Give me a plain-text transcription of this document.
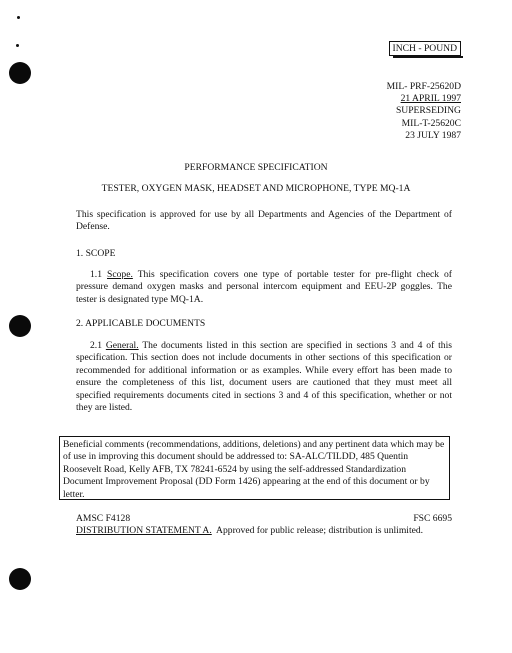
INCH - POUND
MIL- PRF-25620D
21 APRIL 1997
SUPERSEDING
MIL-T-25620C
23 JULY 1987
PERFORMANCE SPECIFICATION
TESTER, OXYGEN MASK, HEADSET AND MICROPHONE, TYPE MQ-1A
This specification is approved for use by all Departments and Agencies of the Department of Defense.
1. SCOPE
1.1 Scope. This specification covers one type of portable tester for pre-flight check of pressure demand oxygen masks and personal intercom equipment and EEU-2P goggles. The tester is designated type MQ-1A.
2. APPLICABLE DOCUMENTS
2.1 General. The documents listed in this section are specified in sections 3 and 4 of this specification. This section does not include documents in other sections of this specification or recommended for additional information or as examples. While every effort has been made to ensure the completeness of this list, document users are cautioned that they must meet all specified requirements documents cited in sections 3 and 4 of this specification, whether or not they are listed.
Beneficial comments (recommendations, additions, deletions) and any pertinent data which may be of use in improving this document should be addressed to: SA-ALC/TILDD, 485 Quentin Roosevelt Road, Kelly AFB, TX 78241-6524 by using the self-addressed Standardization Document Improvement Proposal (DD Form 1426) appearing at the end of this document or by letter.
AMSC F4128	FSC 6695
DISTRIBUTION STATEMENT A. Approved for public release; distribution is unlimited.
